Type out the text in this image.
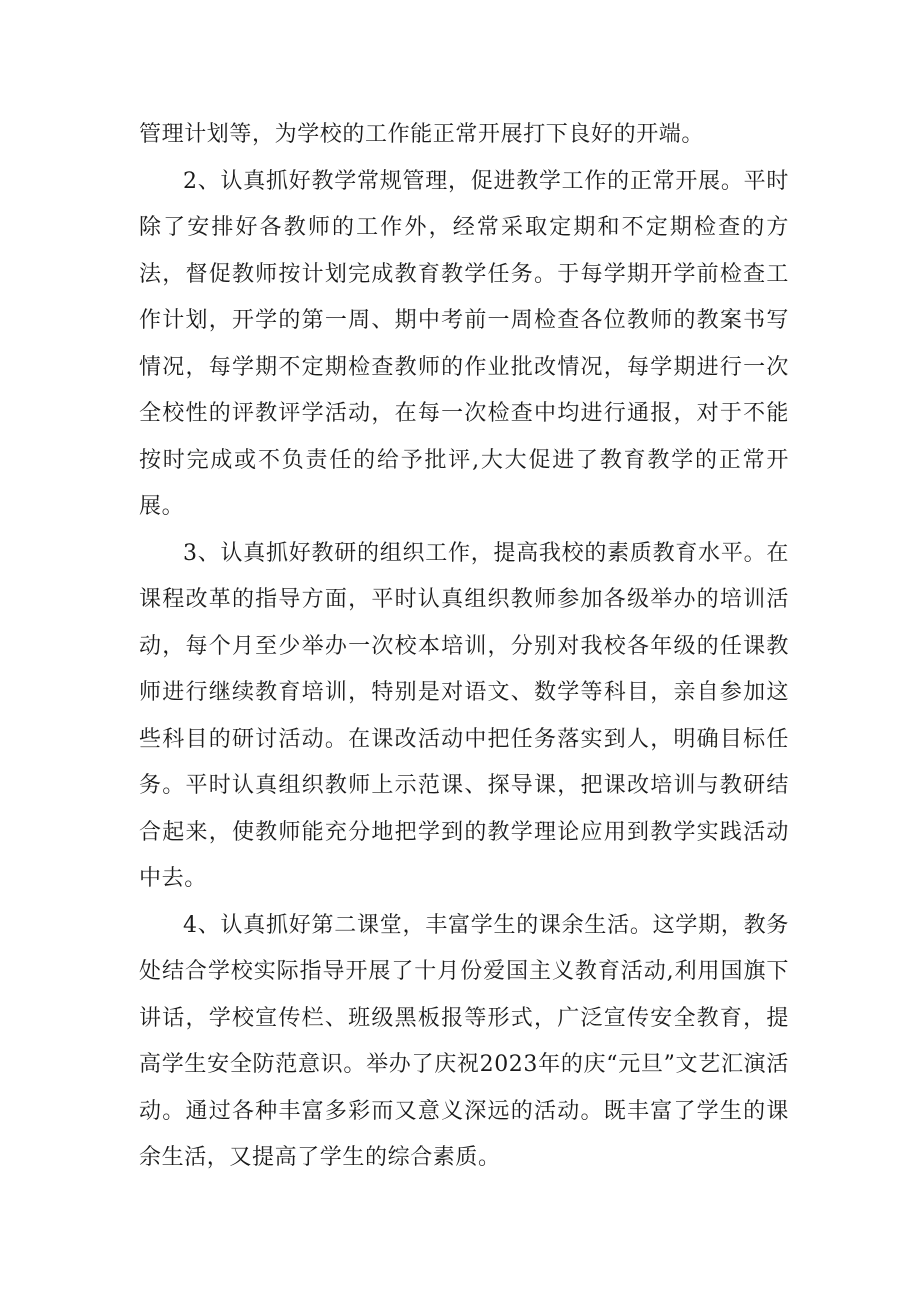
管理计划等，为学校的工作能正常开展打下良好的开端。

2、认真抓好教学常规管理，促进教学工作的正常开展。平时除了安排好各教师的工作外，经常采取定期和不定期检查的方法，督促教师按计划完成教育教学任务。于每学期开学前检查工作计划，开学的第一周、期中考前一周检查各位教师的教案书写情况，每学期不定期检查教师的作业批改情况，每学期进行一次全校性的评教评学活动，在每一次检查中均进行通报，对于不能按时完成或不负责任的给予批评,大大促进了教育教学的正常开展。

3、认真抓好教研的组织工作，提高我校的素质教育水平。在课程改革的指导方面，平时认真组织教师参加各级举办的培训活动，每个月至少举办一次校本培训，分别对我校各年级的任课教师进行继续教育培训，特别是对语文、数学等科目，亲自参加这些科目的研讨活动。在课改活动中把任务落实到人，明确目标任务。平时认真组织教师上示范课、探导课，把课改培训与教研结合起来，使教师能充分地把学到的教学理论应用到教学实践活动中去。

4、认真抓好第二课堂，丰富学生的课余生活。这学期，教务处结合学校实际指导开展了十月份爱国主义教育活动,利用国旗下讲话，学校宣传栏、班级黑板报等形式，广泛宣传安全教育，提高学生安全防范意识。举办了庆祝2023年的庆“元旦”文艺汇演活动。通过各种丰富多彩而又意义深远的活动。既丰富了学生的课余生活，又提高了学生的综合素质。
